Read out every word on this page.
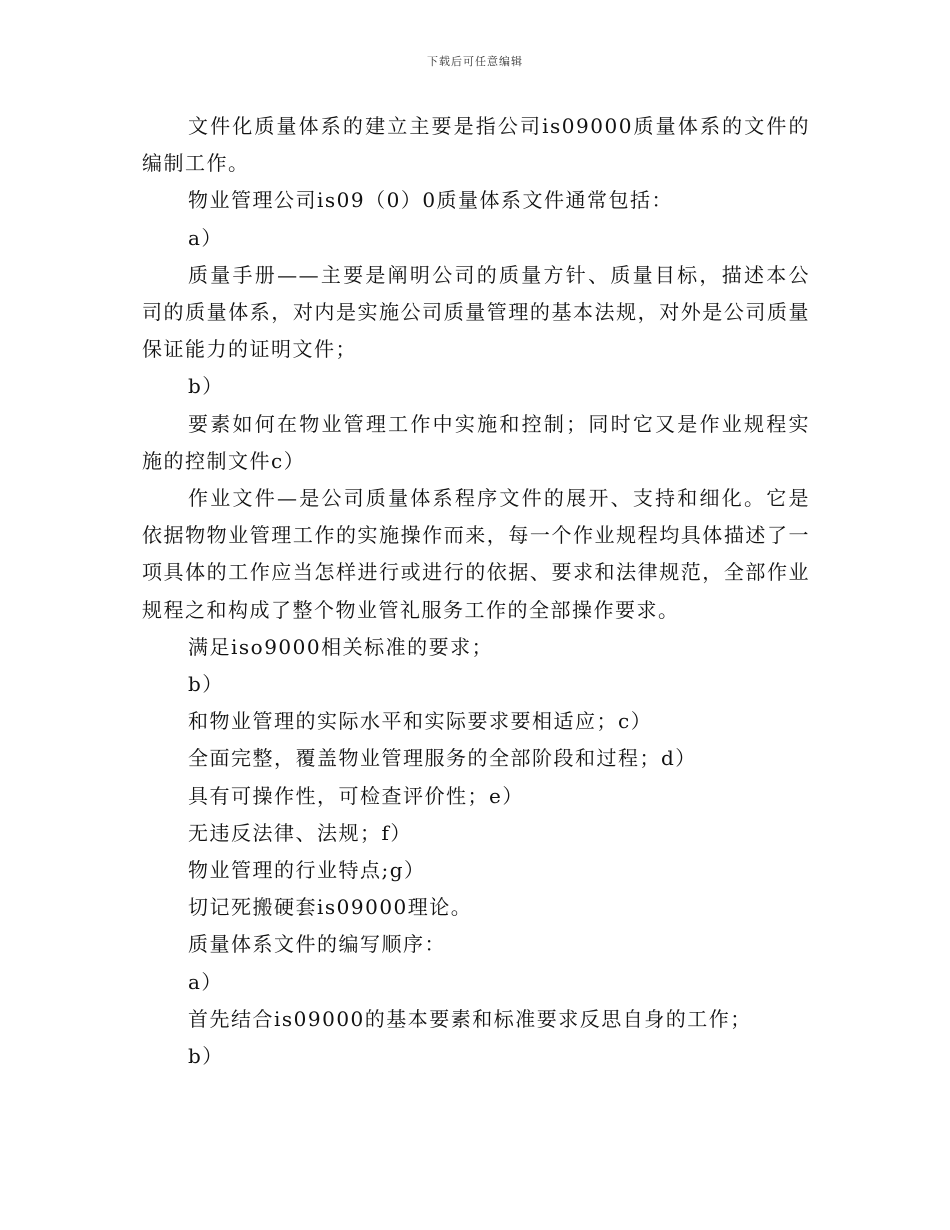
下载后可任意编辑

文件化质量体系的建立主要是指公司is09000质量体系的文件的编制工作。

物业管理公司is09（0）0质量体系文件通常包括：

a）

质量手册——主要是阐明公司的质量方针、质量目标，描述本公司的质量体系，对内是实施公司质量管理的基本法规，对外是公司质量保证能力的证明文件；

b）

要素如何在物业管理工作中实施和控制；同时它又是作业规程实施的控制文件c）

作业文件—是公司质量体系程序文件的展开、支持和细化。它是依据物物业管理工作的实施操作而来，每一个作业规程均具体描述了一项具体的工作应当怎样进行或进行的依据、要求和法律规范，全部作业规程之和构成了整个物业管礼服务工作的全部操作要求。

满足iso9000相关标准的要求；

b）

和物业管理的实际水平和实际要求要相适应；c）

全面完整，覆盖物业管理服务的全部阶段和过程；d）

具有可操作性，可检查评价性；e）

无违反法律、法规；f）

物业管理的行业特点;g）

切记死搬硬套is09000理论。

质量体系文件的编写顺序：

a）

首先结合is09000的基本要素和标准要求反思自身的工作；

b）
